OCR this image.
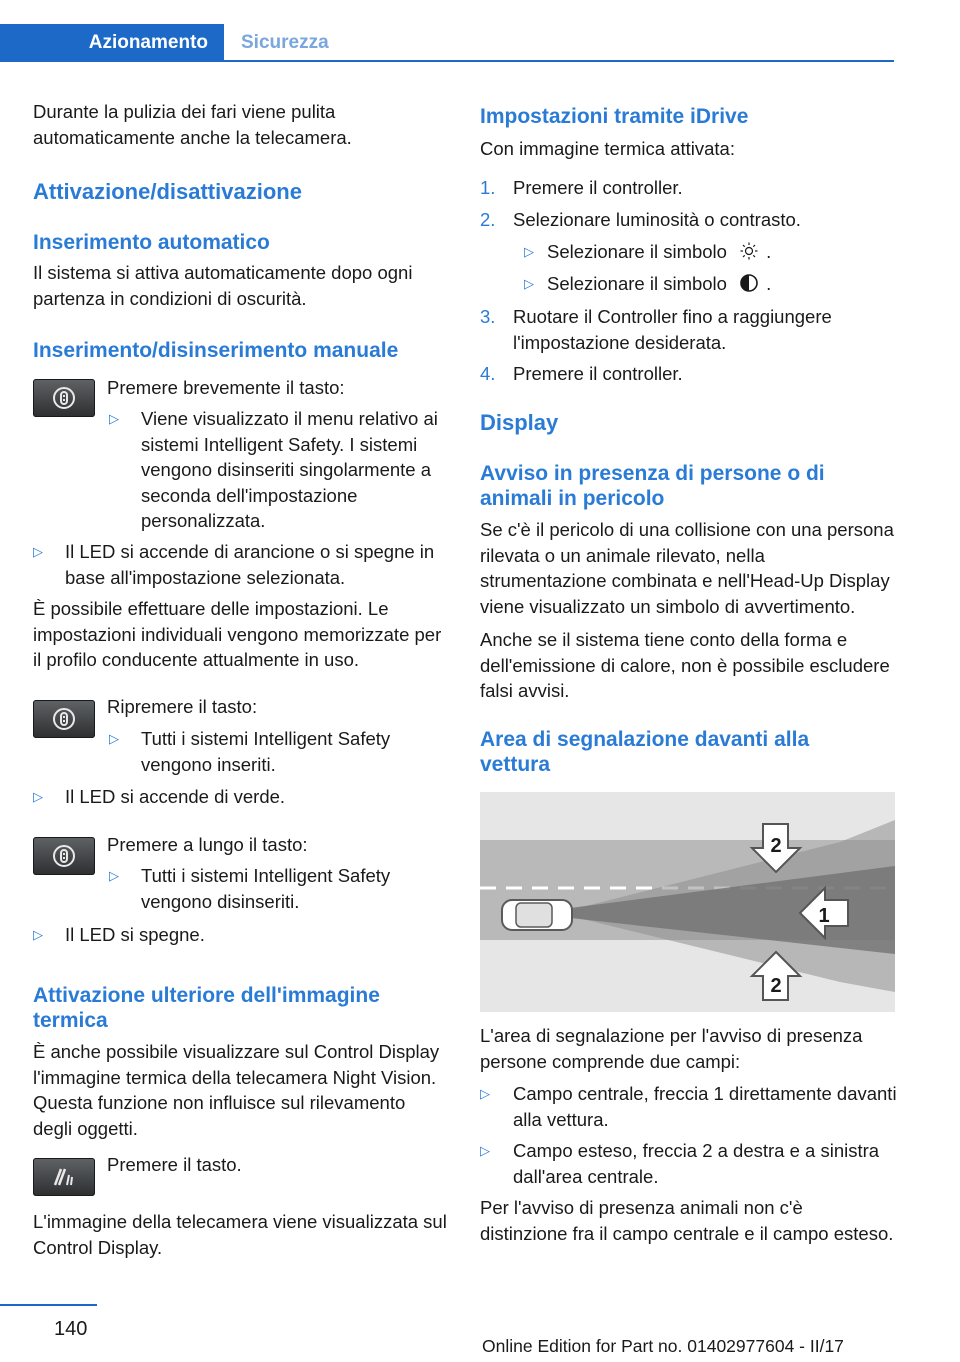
Azionamento	Sicurezza

Durante la pulizia dei fari viene pulita automaticamente anche la telecamera.

Attivazione/disattivazione
Inserimento automatico

Il sistema si attiva automaticamente dopo ogni partenza in condizioni di oscurità.

Inserimento/disinserimento manuale

Premere brevemente il tasto:

▷ Viene visualizzato il menu relativo ai sistemi Intelligent Safety. I sistemi vengono disinseriti singolarmente a seconda dell'impostazione personalizzata.

▷ Il LED si accende di arancione o si spegne in base all'impostazione selezionata.

È possibile effettuare delle impostazioni. Le impostazioni individuali vengono memorizzate per il profilo conducente attualmente in uso.

Ripremere il tasto:

▷ Tutti i sistemi Intelligent Safety vengono inseriti.

▷ Il LED si accende di verde.

Premere a lungo il tasto:

▷ Tutti i sistemi Intelligent Safety vengono disinseriti.

▷ Il LED si spegne.

Attivazione ulteriore dell'immagine termica

È anche possibile visualizzare sul Control Display l'immagine termica della telecamera Night Vision. Questa funzione non influisce sul rilevamento degli oggetti.

Premere il tasto.

L'immagine della telecamera viene visualizzata sul Control Display.

Impostazioni tramite iDrive

Con immagine termica attivata:

1. Premere il controller.

2. Selezionare luminosità o contrasto.

▷ Selezionare il simbolo .

▷ Selezionare il simbolo .

3. Ruotare il Controller fino a raggiungere l'impostazione desiderata.

4. Premere il controller.

Display
Avviso in presenza di persone o di animali in pericolo

Se c'è il pericolo di una collisione con una persona rilevata o un animale rilevato, nella strumentazione combinata e nell'Head-Up Display viene visualizzato un simbolo di avvertimento.

Anche se il sistema tiene conto della forma e dell'emissione di calore, non è possibile escludere falsi avvisi.

Area di segnalazione davanti alla vettura
1
2
2

L'area di segnalazione per l'avviso di presenza persone comprende due campi:

▷ Campo centrale, freccia 1 direttamente davanti alla vettura.

▷ Campo esteso, freccia 2 a destra e a sinistra dall'area centrale.

Per l'avviso di presenza animali non c'è distinzione fra il campo centrale e il campo esteso.

140
Online Edition for Part no. 01402977604 - II/17
